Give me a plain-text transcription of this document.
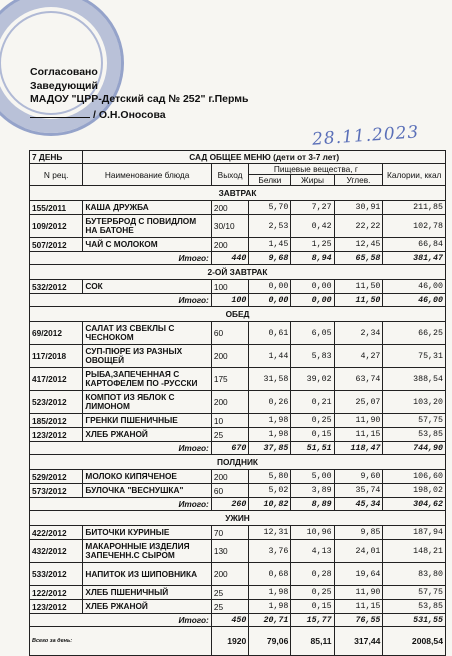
Согласовано
Заведующий
МАДОУ "ЦРР-Детский сад № 252" г.Пермь
/ О.Н.Оносова
28.11.2023
7 ДЕНЬ	САД ОБЩЕЕ МЕНЮ (дети от 3-7 лет)					
N рец.	Наименование блюда	Выход	Пищевые вещества, г			Калории, ккал
			Белки	Жиры	Углев.	
ЗАВТРАК						
155/2011	КАША ДРУЖБА	200	5,70	7,27	30,91	211,85
109/2012	БУТЕРБРОД С ПОВИДЛОМ НА БАТОНЕ	30/10	2,53	0,42	22,22	102,78
507/2012	ЧАЙ С МОЛОКОМ	200	1,45	1,25	12,45	66,84
Итого:		440	9,68	8,94	65,58	381,47
2-ОЙ ЗАВТРАК						
532/2012	СОК	100	0,00	0,00	11,50	46,00
Итого:		100	0,00	0,00	11,50	46,00
ОБЕД						
69/2012	САЛАТ ИЗ СВЕКЛЫ С ЧЕСНОКОМ	60	0,61	6,05	2,34	66,25
117/2018	СУП-ПЮРЕ ИЗ РАЗНЫХ ОВОЩЕЙ	200	1,44	5,83	4,27	75,31
417/2012	РЫБА,ЗАПЕЧЕННАЯ С КАРТОФЕЛЕМ ПО -РУССКИ	175	31,58	39,02	63,74	388,54
523/2012	КОМПОТ ИЗ ЯБЛОК С ЛИМОНОМ	200	0,26	0,21	25,07	103,20
185/2012	ГРЕНКИ ПШЕНИЧНЫЕ	10	1,98	0,25	11,90	57,75
123/2012	ХЛЕБ РЖАНОЙ	25	1,98	0,15	11,15	53,85
Итого:		670	37,85	51,51	118,47	744,90
ПОЛДНИК						
529/2012	МОЛОКО КИПЯЧЕНОЕ	200	5,80	5,00	9,60	106,60
573/2012	БУЛОЧКА "ВЕСНУШКА"	60	5,02	3,89	35,74	198,02
Итого:		260	10,82	8,89	45,34	304,62
УЖИН						
422/2012	БИТОЧКИ КУРИНЫЕ	70	12,31	10,96	9,85	187,94
432/2012	МАКАРОННЫЕ ИЗДЕЛИЯ ЗАПЕЧЕНН.С СЫРОМ	130	3,76	4,13	24,01	148,21
533/2012	НАПИТОК ИЗ ШИПОВНИКА	200	0,68	0,28	19,64	83,80
122/2012	ХЛЕБ ПШЕНИЧНЫЙ	25	1,98	0,25	11,90	57,75
123/2012	ХЛЕБ РЖАНОЙ	25	1,98	0,15	11,15	53,85
Итого:		450	20,71	15,77	76,55	531,55
Всего за день:		1920	79,06	85,11	317,44	2008,54
